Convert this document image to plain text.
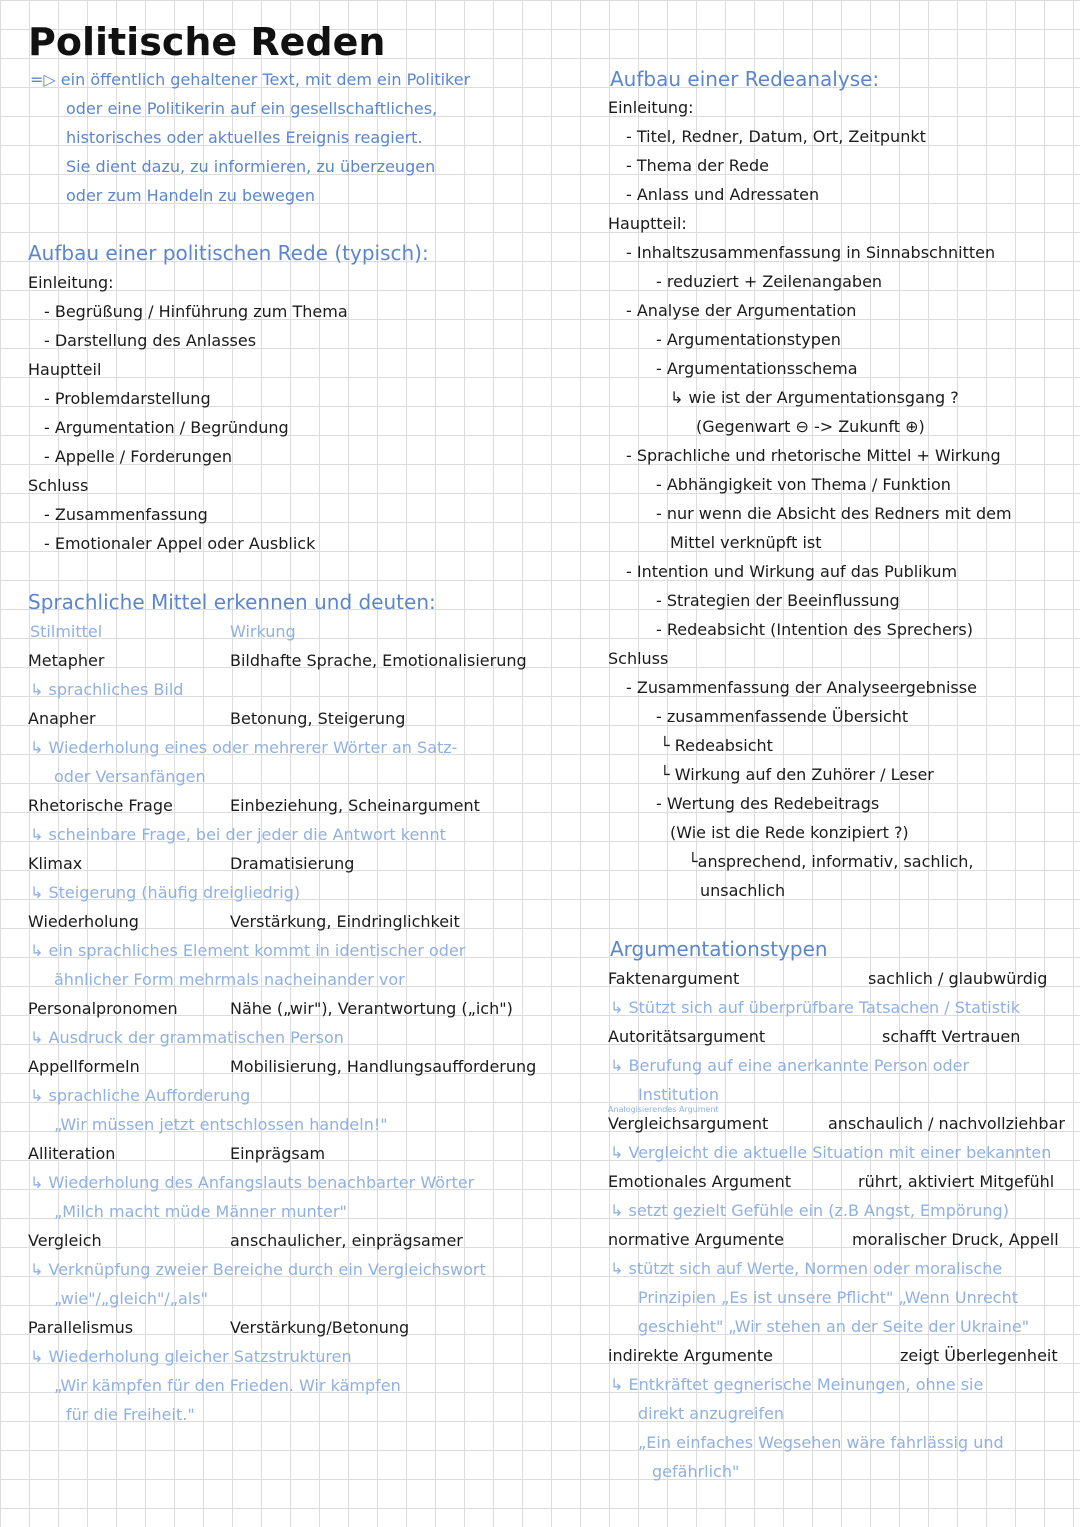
Politische Reden
=▷ ein öffentlich gehaltener Text, mit dem ein Politiker
oder eine Politikerin auf ein gesellschaftliches,
historisches oder aktuelles Ereignis reagiert.
Sie dient dazu, zu informieren, zu überzeugen
oder zum Handeln zu bewegen
Aufbau einer politischen Rede (typisch):
Einleitung:
- Begrüßung / Hinführung zum Thema
- Darstellung des Anlasses
Hauptteil
- Problemdarstellung
- Argumentation / Begründung
- Appelle / Forderungen
Schluss
- Zusammenfassung
- Emotionaler Appel oder Ausblick
Sprachliche Mittel erkennen und deuten:
Stilmittel	Wirkung
Metapher	Bildhafte Sprache, Emotionalisierung
↳ sprachliches Bild
Anapher	Betonung, Steigerung
↳ Wiederholung eines oder mehrerer Wörter an Satz-
oder Versanfängen
Rhetorische Frage	Einbeziehung, Scheinargument
↳ scheinbare Frage, bei der jeder die Antwort kennt
Klimax	Dramatisierung
↳ Steigerung (häufig dreigliedrig)
Wiederholung	Verstärkung, Eindringlichkeit
↳ ein sprachliches Element kommt in identischer oder
ähnlicher Form mehrmals nacheinander vor
Personalpronomen	Nähe („wir"), Verantwortung („ich")
↳ Ausdruck der grammatischen Person
Appellformeln	Mobilisierung, Handlungsaufforderung
↳ sprachliche Aufforderung
„Wir müssen jetzt entschlossen handeln!"
Alliteration	Einprägsam
↳ Wiederholung des Anfangslauts benachbarter Wörter
„Milch macht müde Männer munter"
Vergleich	anschaulicher, einprägsamer
↳ Verknüpfung zweier Bereiche durch ein Vergleichswort
„wie"/„gleich"/„als"
Parallelismus	Verstärkung/Betonung
↳ Wiederholung gleicher Satzstrukturen
„Wir kämpfen für den Frieden. Wir kämpfen
für die Freiheit."
Aufbau einer Redeanalyse:
Einleitung:
- Titel, Redner, Datum, Ort, Zeitpunkt
- Thema der Rede
- Anlass und Adressaten
Hauptteil:
- Inhaltszusammenfassung in Sinnabschnitten
- reduziert + Zeilenangaben
- Analyse der Argumentation
- Argumentationstypen
- Argumentationsschema
↳ wie ist der Argumentationsgang ?
(Gegenwart ⊖ -> Zukunft ⊕)
- Sprachliche und rhetorische Mittel + Wirkung
- Abhängigkeit von Thema / Funktion
- nur wenn die Absicht des Redners mit dem
Mittel verknüpft ist
- Intention und Wirkung auf das Publikum
- Strategien der Beeinflussung
- Redeabsicht (Intention des Sprechers)
Schluss
- Zusammenfassung der Analyseergebnisse
- zusammenfassende Übersicht
└ Redeabsicht
└ Wirkung auf den Zuhörer / Leser
- Wertung des Redebeitrags
(Wie ist die Rede konzipiert ?)
└ansprechend, informativ, sachlich,
unsachlich
Argumentationstypen
Faktenargument	sachlich / glaubwürdig
↳ Stützt sich auf überprüfbare Tatsachen / Statistik
Autoritätsargument	schafft Vertrauen
↳ Berufung auf eine anerkannte Person oder
Institution
Analogisierendes Argument
Vergleichsargument	anschaulich / nachvollziehbar
↳ Vergleicht die aktuelle Situation mit einer bekannten
Emotionales Argument	rührt, aktiviert Mitgefühl
↳ setzt gezielt Gefühle ein (z.B Angst, Empörung)
normative Argumente	moralischer Druck, Appell
↳ stützt sich auf Werte, Normen oder moralische
Prinzipien „Es ist unsere Pflicht" „Wenn Unrecht
geschieht" „Wir stehen an der Seite der Ukraine"
indirekte Argumente	zeigt Überlegenheit
↳ Entkräftet gegnerische Meinungen, ohne sie
direkt anzugreifen
„Ein einfaches Wegsehen wäre fahrlässig und
gefährlich"
